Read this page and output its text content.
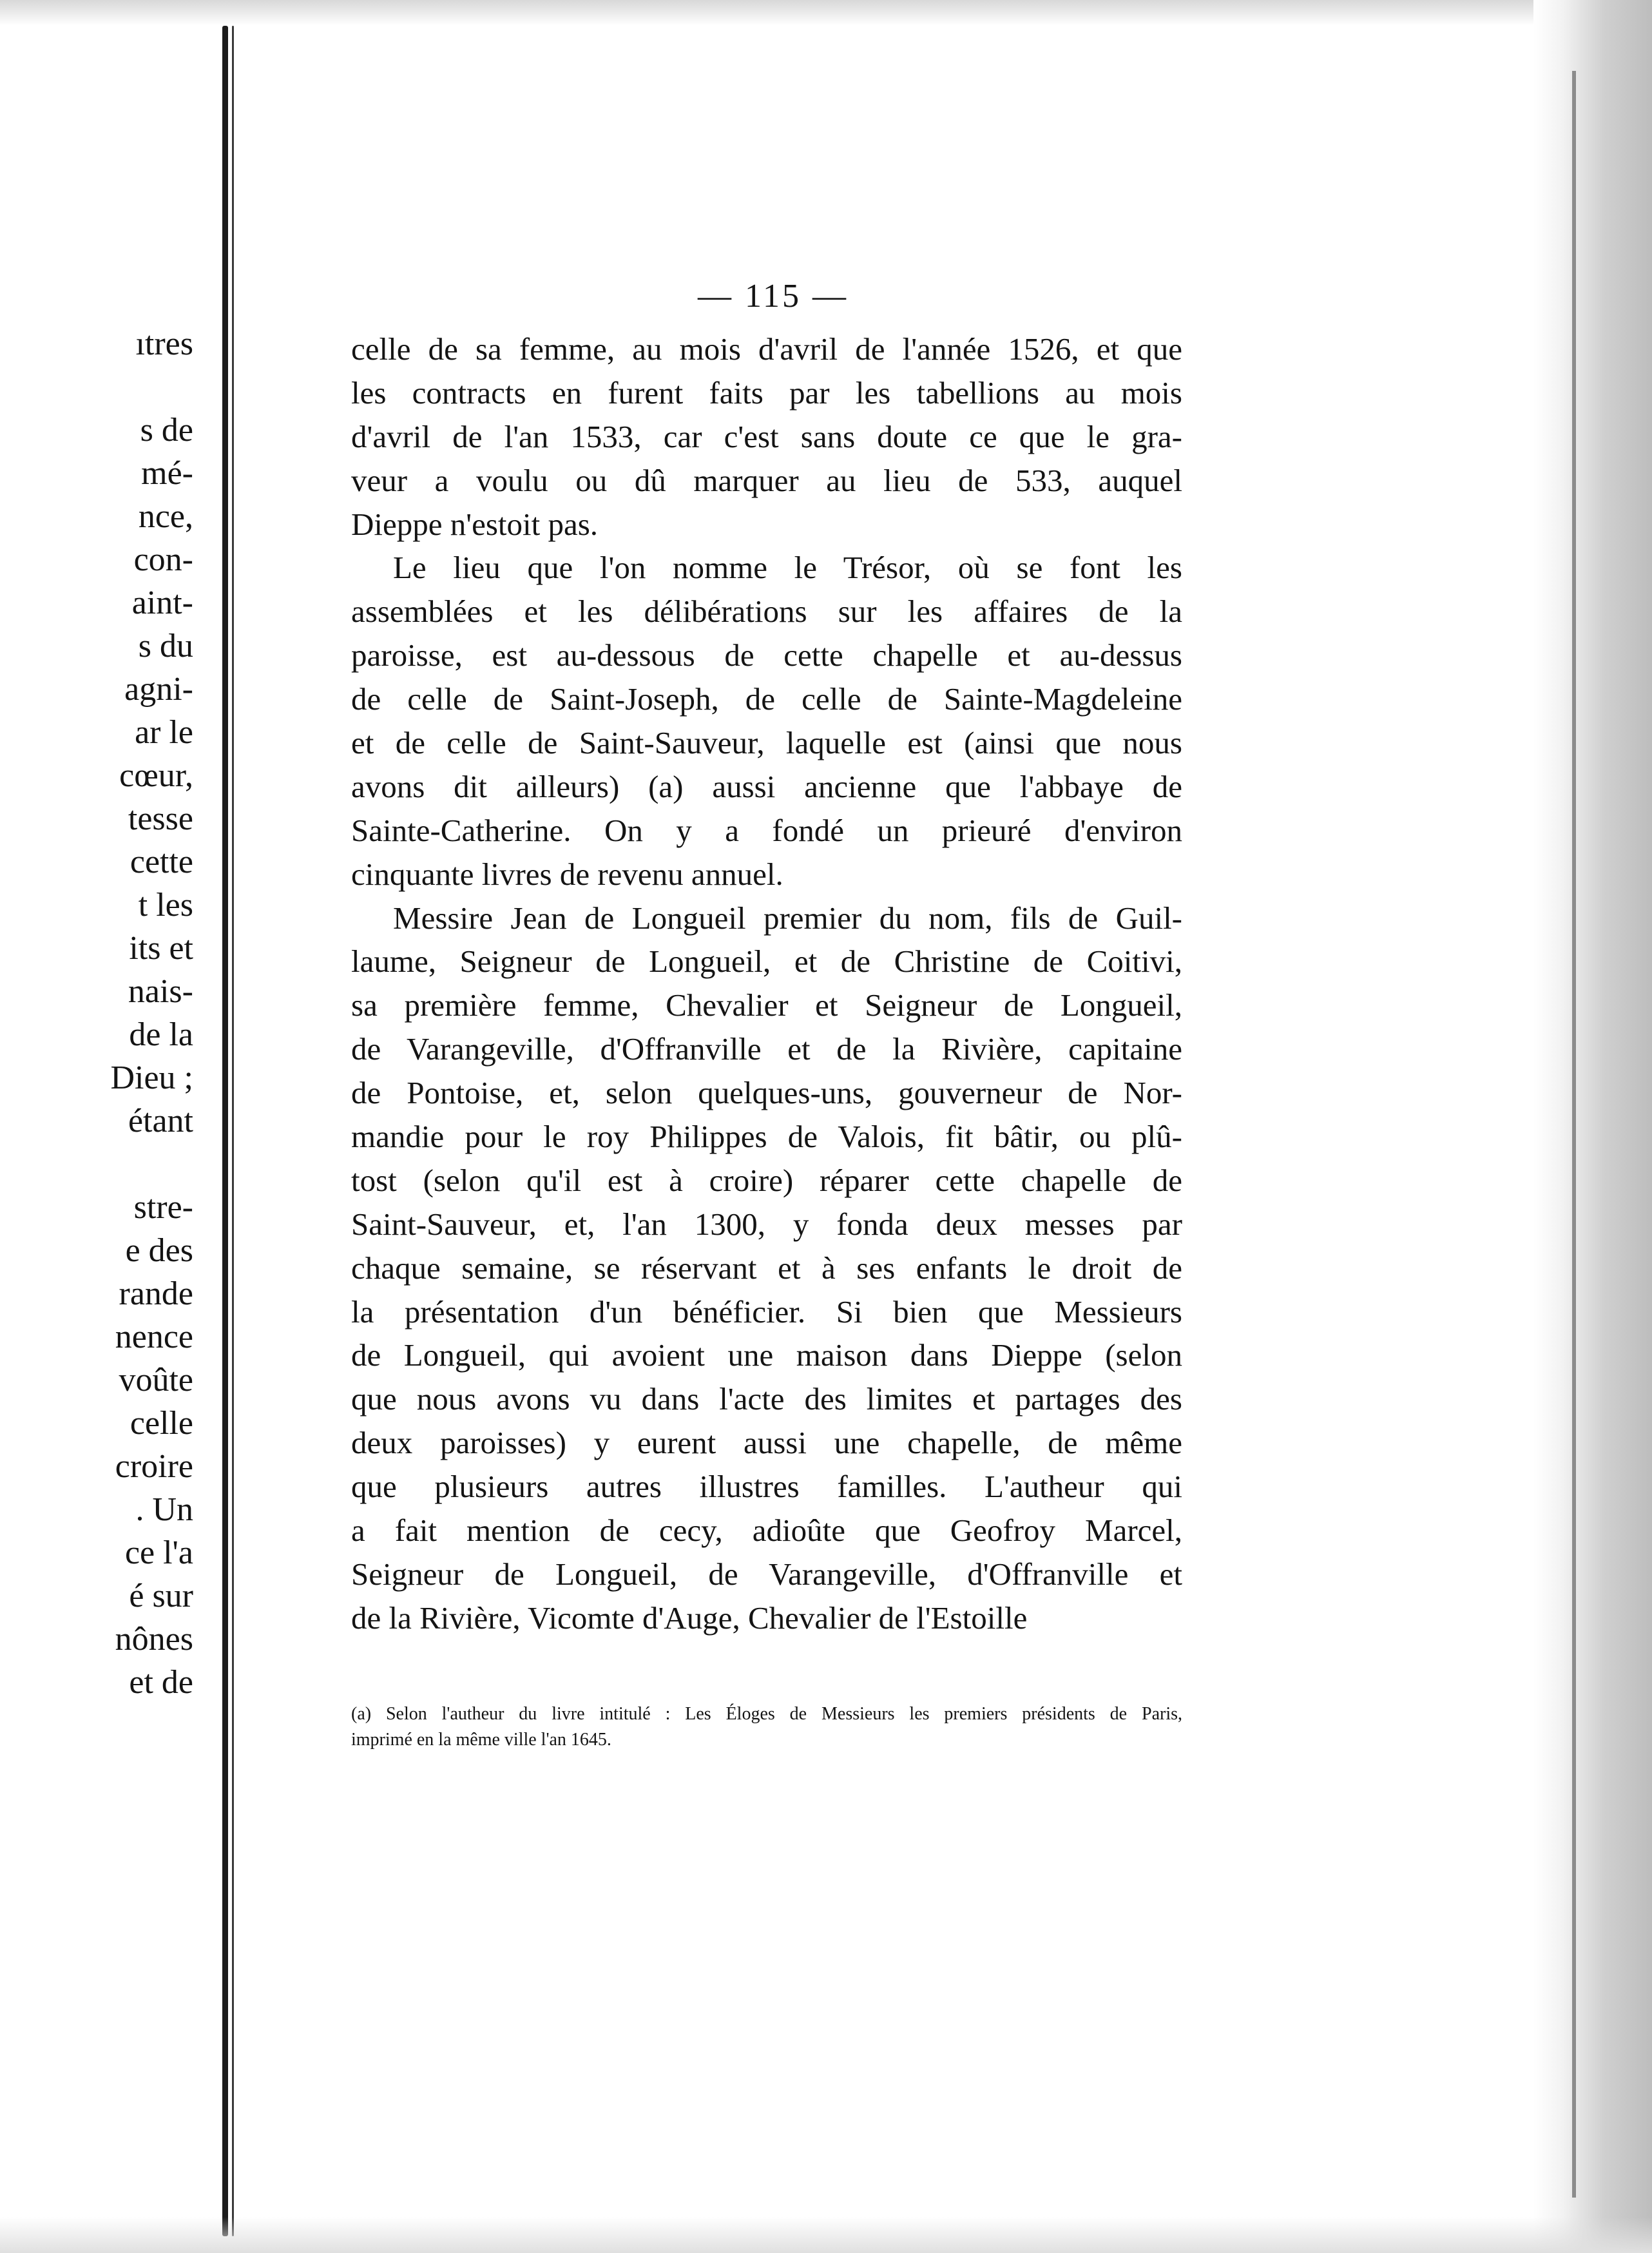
ıtres
s de
mé-
nce,
con-
aint-
s du
agni-
ar le
cœur,
tesse
cette
t les
its et
nais-
de la
Dieu ;
étant
stre-
e des
rande
nence
voûte
celle
croire
. Un
ce l'a
é sur
nônes
et de
— 115 —
celle de sa femme, au mois d'avril de l'année 1526, et que
les contracts en furent faits par les tabellions au mois
d'avril de l'an 1533, car c'est sans doute ce que le gra-
veur a voulu ou dû marquer au lieu de 533, auquel
Dieppe n'estoit pas.
Le lieu que l'on nomme le Trésor, où se font les
assemblées et les délibérations sur les affaires de la
paroisse, est au-dessous de cette chapelle et au-dessus
de celle de Saint-Joseph, de celle de Sainte-Magdeleine
et de celle de Saint-Sauveur, laquelle est (ainsi que nous
avons dit ailleurs) (a) aussi ancienne que l'abbaye de
Sainte-Catherine. On y a fondé un prieuré d'environ
cinquante livres de revenu annuel.
Messire Jean de Longueil premier du nom, fils de Guil-
laume, Seigneur de Longueil, et de Christine de Coitivi,
sa première femme, Chevalier et Seigneur de Longueil,
de Varangeville, d'Offranville et de la Rivière, capitaine
de Pontoise, et, selon quelques-uns, gouverneur de Nor-
mandie pour le roy Philippes de Valois, fit bâtir, ou plû-
tost (selon qu'il est à croire) réparer cette chapelle de
Saint-Sauveur, et, l'an 1300, y fonda deux messes par
chaque semaine, se réservant et à ses enfants le droit de
la présentation d'un bénéficier. Si bien que Messieurs
de Longueil, qui avoient une maison dans Dieppe (selon
que nous avons vu dans l'acte des limites et partages des
deux paroisses) y eurent aussi une chapelle, de même
que plusieurs autres illustres familles. L'autheur qui
a fait mention de cecy, adioûte que Geofroy Marcel,
Seigneur de Longueil, de Varangeville, d'Offranville et
de la Rivière, Vicomte d'Auge, Chevalier de l'Estoille
(a) Selon l'autheur du livre intitulé : Les Éloges de Messieurs les premiers présidents de Paris,
imprimé en la même ville l'an 1645.
